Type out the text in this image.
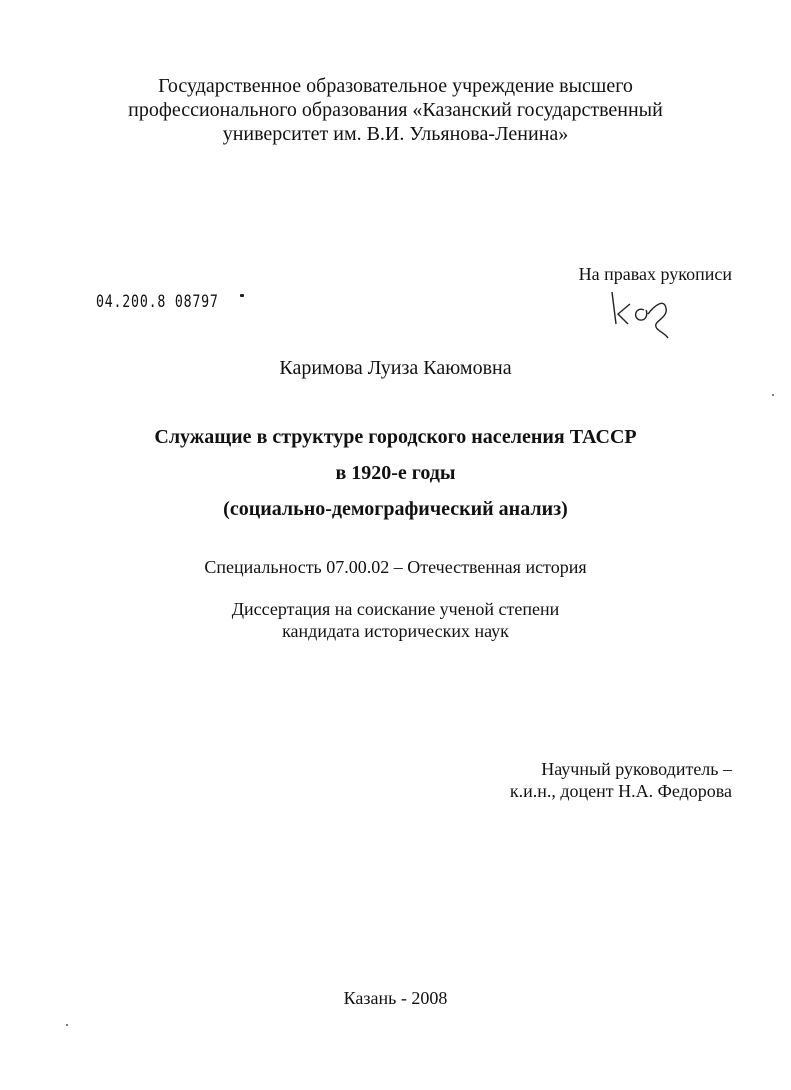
Государственное образовательное учреждение высшего
профессионального образования «Казанский государственный
университет им. В.И. Ульянова-Ленина»
На правах рукописи
04.200.8 08797
Каримова Луиза Каюмовна
Служащие в структуре городского населения ТАССР
в 1920-е годы
(социально-демографический анализ)
Специальность 07.00.02 – Отечественная история
Диссертация на соискание ученой степени
кандидата исторических наук
Научный руководитель –
к.и.н., доцент Н.А. Федорова
Казань - 2008
